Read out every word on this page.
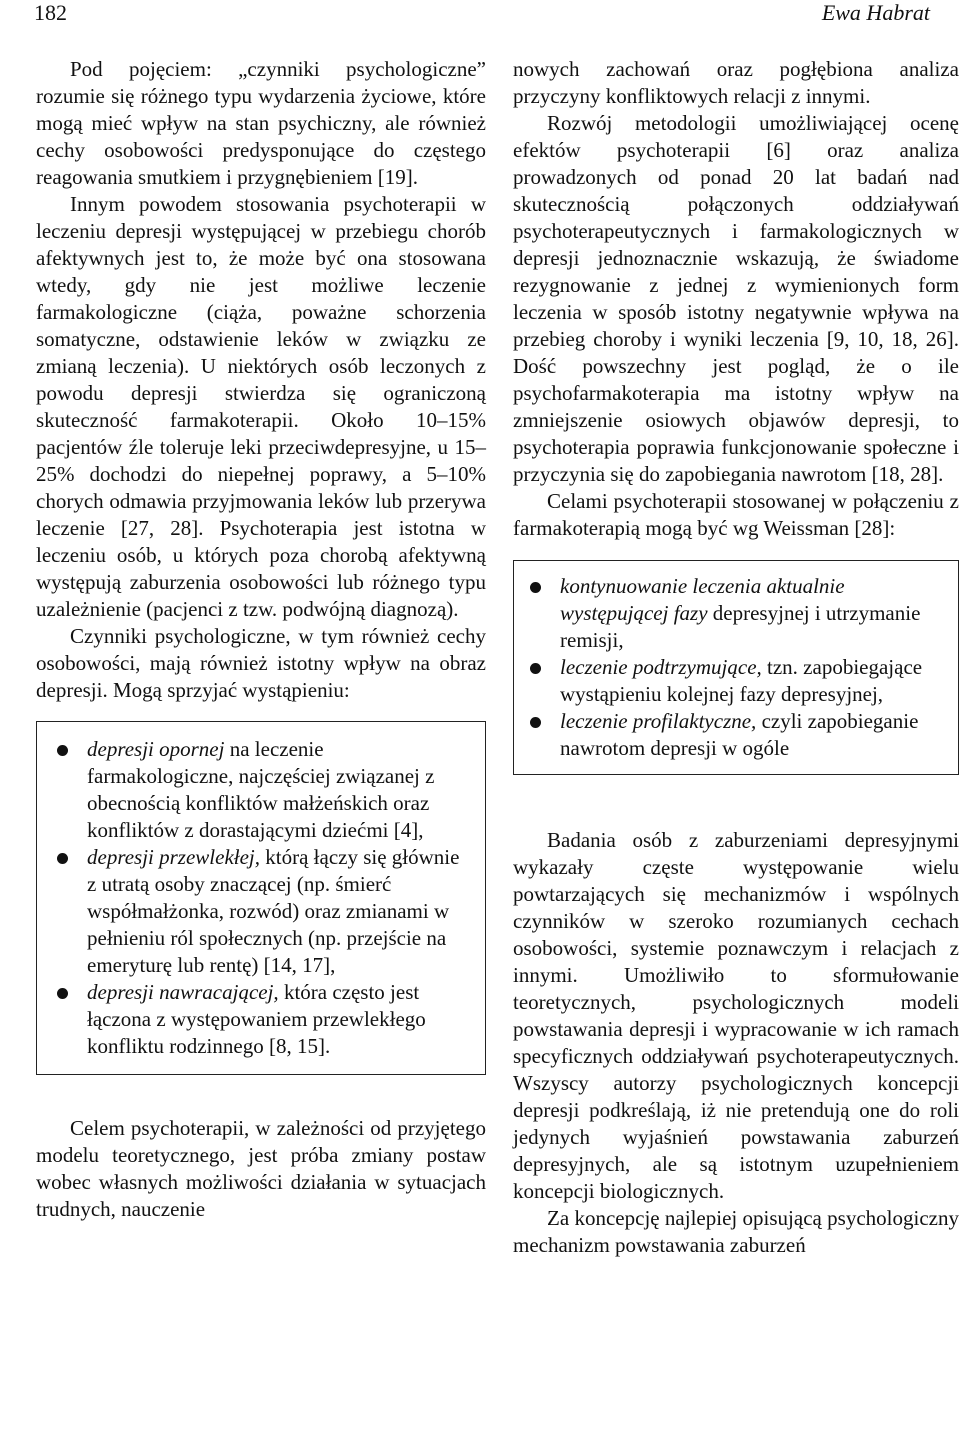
182	Ewa Habrat

Pod pojęciem: „czynniki psychologiczne” rozumie się różnego typu wydarzenia życiowe, które mogą mieć wpływ na stan psychiczny, ale również cechy osobowości predysponujące do częstego reagowania smutkiem i przygnębieniem [19].

Innym powodem stosowania psychoterapii w leczeniu depresji występującej w przebiegu chorób afektywnych jest to, że może być ona stosowana wtedy, gdy nie jest możliwe leczenie farmakologiczne (ciąża, poważne schorzenia somatyczne, odstawienie leków w związku ze zmianą leczenia). U niektórych osób leczonych z powodu depresji stwierdza się ograniczoną skuteczność farmakoterapii. Około 10–15% pacjentów źle toleruje leki przeciwdepresyjne, u 15–25% dochodzi do niepełnej poprawy, a 5–10% chorych odmawia przyjmowania leków lub przerywa leczenie [27, 28]. Psychoterapia jest istotna w leczeniu osób, u których poza chorobą afektywną występują zaburzenia osobowości lub różnego typu uzależnienie (pacjenci z tzw. podwójną diagnozą).

Czynniki psychologiczne, w tym również cechy osobowości, mają również istotny wpływ na obraz depresji. Mogą sprzyjać wystąpieniu:

depresji opornej na leczenie farmakologiczne, najczęściej związanej z obecnością konfliktów małżeńskich oraz konfliktów z dorastającymi dziećmi [4],
depresji przewlekłej, którą łączy się głównie z utratą osoby znaczącej (np. śmierć współmałżonka, rozwód) oraz zmianami w pełnieniu ról społecznych (np. przejście na emeryturę lub rentę) [14, 17],
depresji nawracającej, która często jest łączona z występowaniem przewlekłego konfliktu rodzinnego [8, 15].

Celem psychoterapii, w zależności od przyjętego modelu teoretycznego, jest próba zmiany postaw wobec własnych możliwości działania w sytuacjach trudnych, nauczenie

nowych zachowań oraz pogłębiona analiza przyczyny konfliktowych relacji z innymi.

Rozwój metodologii umożliwiającej ocenę efektów psychoterapii [6] oraz analiza prowadzonych od ponad 20 lat badań nad skutecznością połączonych oddziaływań psychoterapeutycznych i farmakologicznych w depresji jednoznacznie wskazują, że świadome rezygnowanie z jednej z wymienionych form leczenia w sposób istotny negatywnie wpływa na przebieg choroby i wyniki leczenia [9, 10, 18, 26]. Dość powszechny jest pogląd, że o ile psychofarmakoterapia ma istotny wpływ na zmniejszenie osiowych objawów depresji, to psychoterapia poprawia funkcjonowanie społeczne i przyczynia się do zapobiegania nawrotom [18, 28].

Celami psychoterapii stosowanej w połączeniu z farmakoterapią mogą być wg Weissman [28]:

kontynuowanie leczenia aktualnie występującej fazy depresyjnej i utrzymanie remisji,
leczenie podtrzymujące, tzn. zapobiegające wystąpieniu kolejnej fazy depresyjnej,
leczenie profilaktyczne, czyli zapobieganie nawrotom depresji w ogóle

Badania osób z zaburzeniami depresyjnymi wykazały częste występowanie wielu powtarzających się mechanizmów i wspólnych czynników w szeroko rozumianych cechach osobowości, systemie poznawczym i relacjach z innymi. Umożliwiło to sformułowanie teoretycznych, psychologicznych modeli powstawania depresji i wypracowanie w ich ramach specyficznych oddziaływań psychoterapeutycznych. Wszyscy autorzy psychologicznych koncepcji depresji podkreślają, iż nie pretendują one do roli jedynych wyjaśnień powstawania zaburzeń depresyjnych, ale są istotnym uzupełnieniem koncepcji biologicznych.

Za koncepcję najlepiej opisującą psychologiczny mechanizm powstawania zaburzeń
